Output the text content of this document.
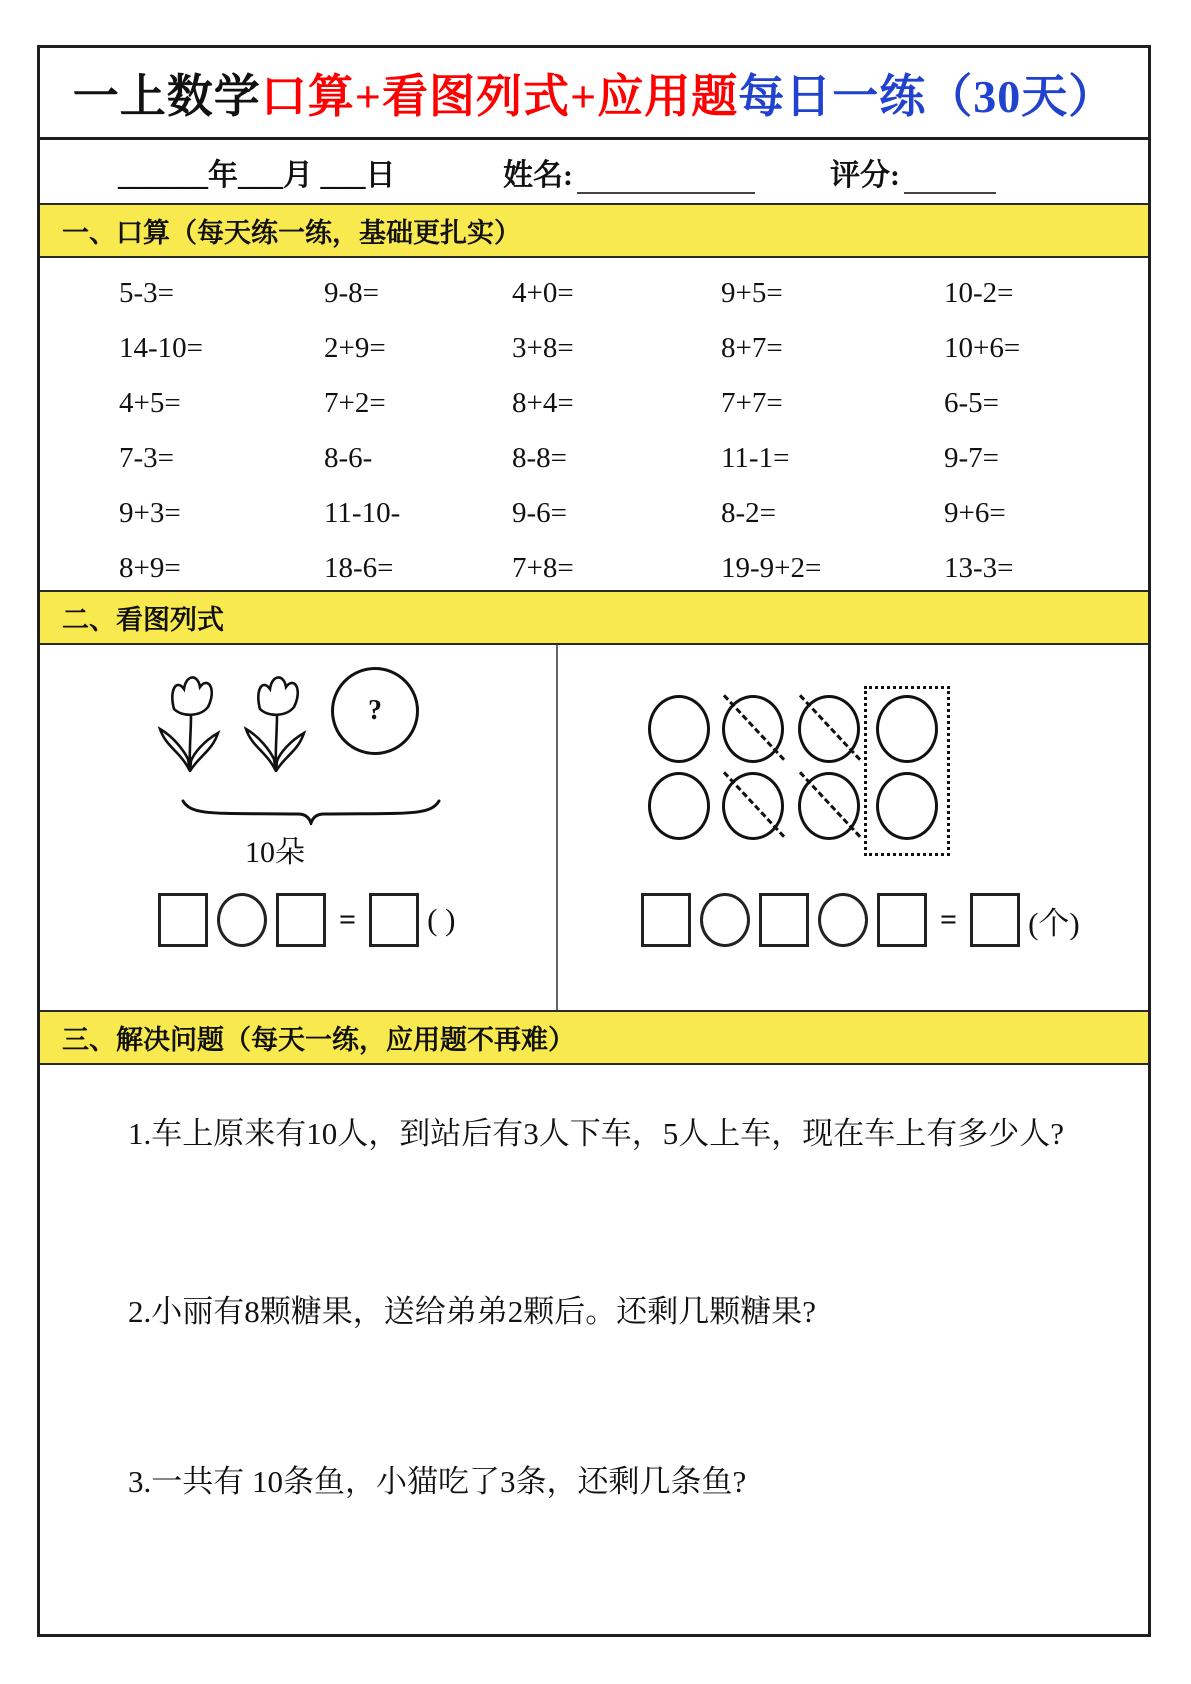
一上数学 口算+看图列式+应用题 每日一练（30天）
______年___月 ___日	姓名:	评分:
一、口算（每天练一练，基础更扎实）
5-3=	9-8=	4+0=	9+5=	10-2=
14-10=	2+9=	3+8=	8+7=	10+6=
4+5=	7+2=	8+4=	7+7=	6-5=
7-3=	8-6-	8-8=	11-1=	9-7=
9+3=	11-10-	9-6=	8-2=	9+6=
8+9=	18-6=	7+8=	19-9+2=	13-3=
二、看图列式
?
10朵
= ( )	= (个)
三、解决问题（每天一练，应用题不再难）
1.车上原来有10人，到站后有3人下车，5人上车，现在车上有多少人?
2.小丽有8颗糖果，送给弟弟2颗后。还剩几颗糖果?
3.一共有 10条鱼，小猫吃了3条，还剩几条鱼?
